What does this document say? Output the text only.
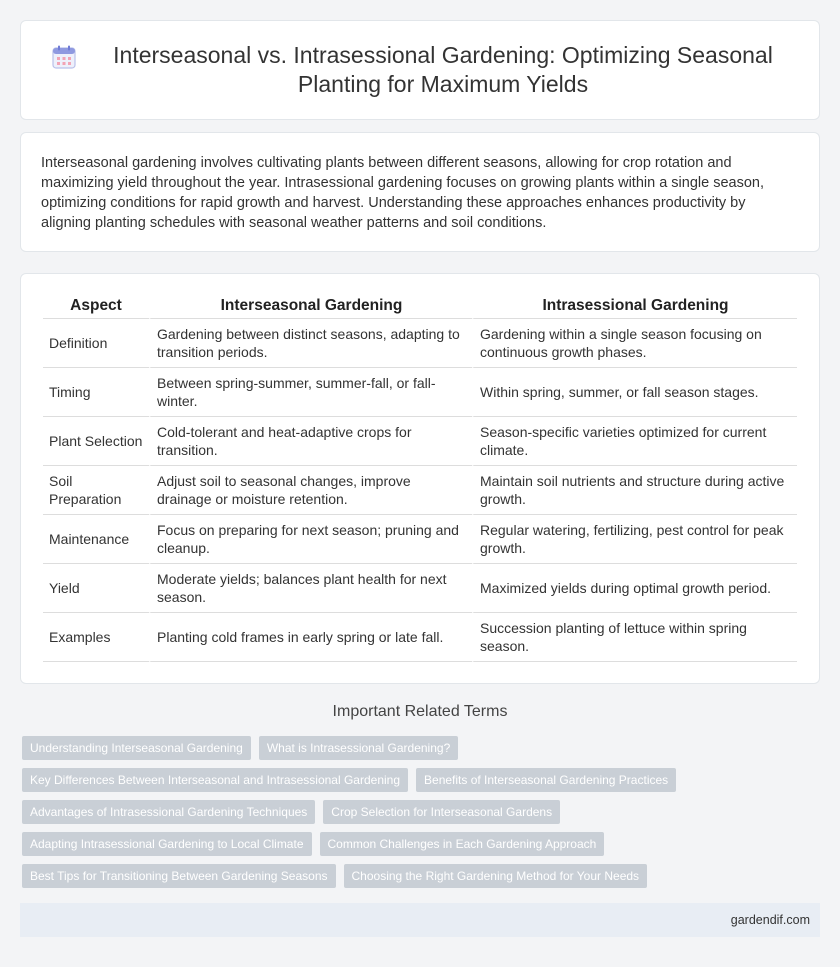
Interseasonal vs. Intrasessional Gardening: Optimizing Seasonal Planting for Maximum Yields

Interseasonal gardening involves cultivating plants between different seasons, allowing for crop rotation and maximizing yield throughout the year. Intrasessional gardening focuses on growing plants within a single season, optimizing conditions for rapid growth and harvest. Understanding these approaches enhances productivity by aligning planting schedules with seasonal weather patterns and soil conditions.

Aspect	Interseasonal Gardening	Intrasessional Gardening
Definition	Gardening between distinct seasons, adapting to transition periods.	Gardening within a single season focusing on continuous growth phases.
Timing	Between spring-summer, summer-fall, or fall-winter.	Within spring, summer, or fall season stages.
Plant Selection	Cold-tolerant and heat-adaptive crops for transition.	Season-specific varieties optimized for current climate.
Soil Preparation	Adjust soil to seasonal changes, improve drainage or moisture retention.	Maintain soil nutrients and structure during active growth.
Maintenance	Focus on preparing for next season; pruning and cleanup.	Regular watering, fertilizing, pest control for peak growth.
Yield	Moderate yields; balances plant health for next season.	Maximized yields during optimal growth period.
Examples	Planting cold frames in early spring or late fall.	Succession planting of lettuce within spring season.
Important Related Terms
Understanding Interseasonal Gardening	What is Intrasessional Gardening?
Key Differences Between Interseasonal and Intrasessional Gardening	Benefits of Interseasonal Gardening Practices
Advantages of Intrasessional Gardening Techniques	Crop Selection for Interseasonal Gardens
Adapting Intrasessional Gardening to Local Climate	Common Challenges in Each Gardening Approach
Best Tips for Transitioning Between Gardening Seasons	Choosing the Right Gardening Method for Your Needs
gardendif.com
